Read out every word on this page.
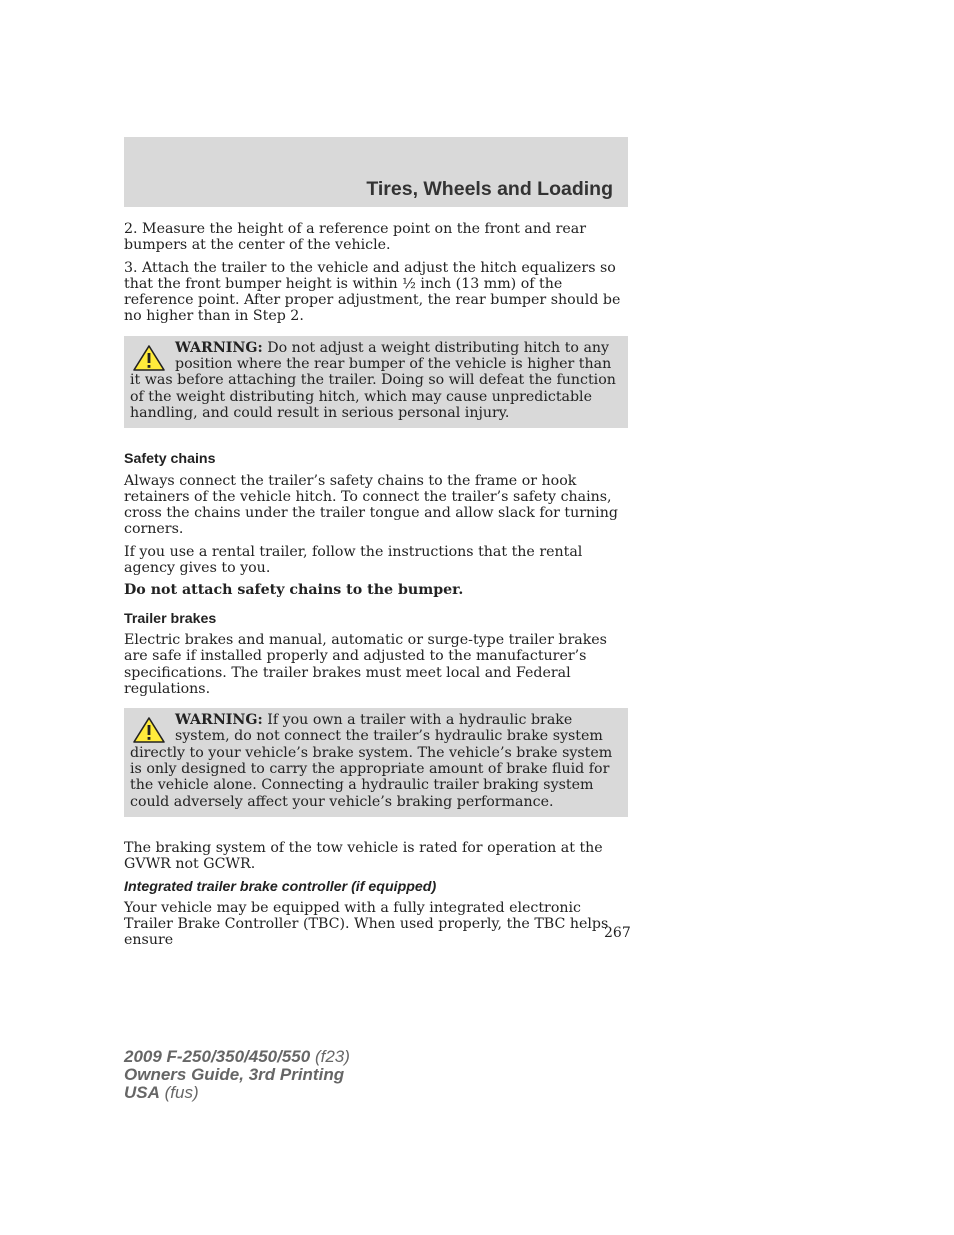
Tires, Wheels and Loading

2. Measure the height of a reference point on the front and rear bumpers at the center of the vehicle.

3. Attach the trailer to the vehicle and adjust the hitch equalizers so that the front bumper height is within ½ inch (13 mm) of the reference point. After proper adjustment, the rear bumper should be no higher than in Step 2.

WARNING: Do not adjust a weight distributing hitch to any position where the rear bumper of the vehicle is higher than it was before attaching the trailer. Doing so will defeat the function of the weight distributing hitch, which may cause unpredictable handling, and could result in serious personal injury.
Safety chains

Always connect the trailer’s safety chains to the frame or hook retainers of the vehicle hitch. To connect the trailer’s safety chains, cross the chains under the trailer tongue and allow slack for turning corners.

If you use a rental trailer, follow the instructions that the rental agency gives to you.

Do not attach safety chains to the bumper.

Trailer brakes

Electric brakes and manual, automatic or surge-type trailer brakes are safe if installed properly and adjusted to the manufacturer’s specifications. The trailer brakes must meet local and Federal regulations.

WARNING: If you own a trailer with a hydraulic brake system, do not connect the trailer’s hydraulic brake system directly to your vehicle’s brake system. The vehicle’s brake system is only designed to carry the appropriate amount of brake fluid for the vehicle alone. Connecting a hydraulic trailer braking system could adversely affect your vehicle’s braking performance.

The braking system of the tow vehicle is rated for operation at the GVWR not GCWR.

Integrated trailer brake controller (if equipped)

Your vehicle may be equipped with a fully integrated electronic Trailer Brake Controller (TBC). When used properly, the TBC helps ensure	267
2009 F-250/350/450/550 (f23)
Owners Guide, 3rd Printing
USA (fus)
